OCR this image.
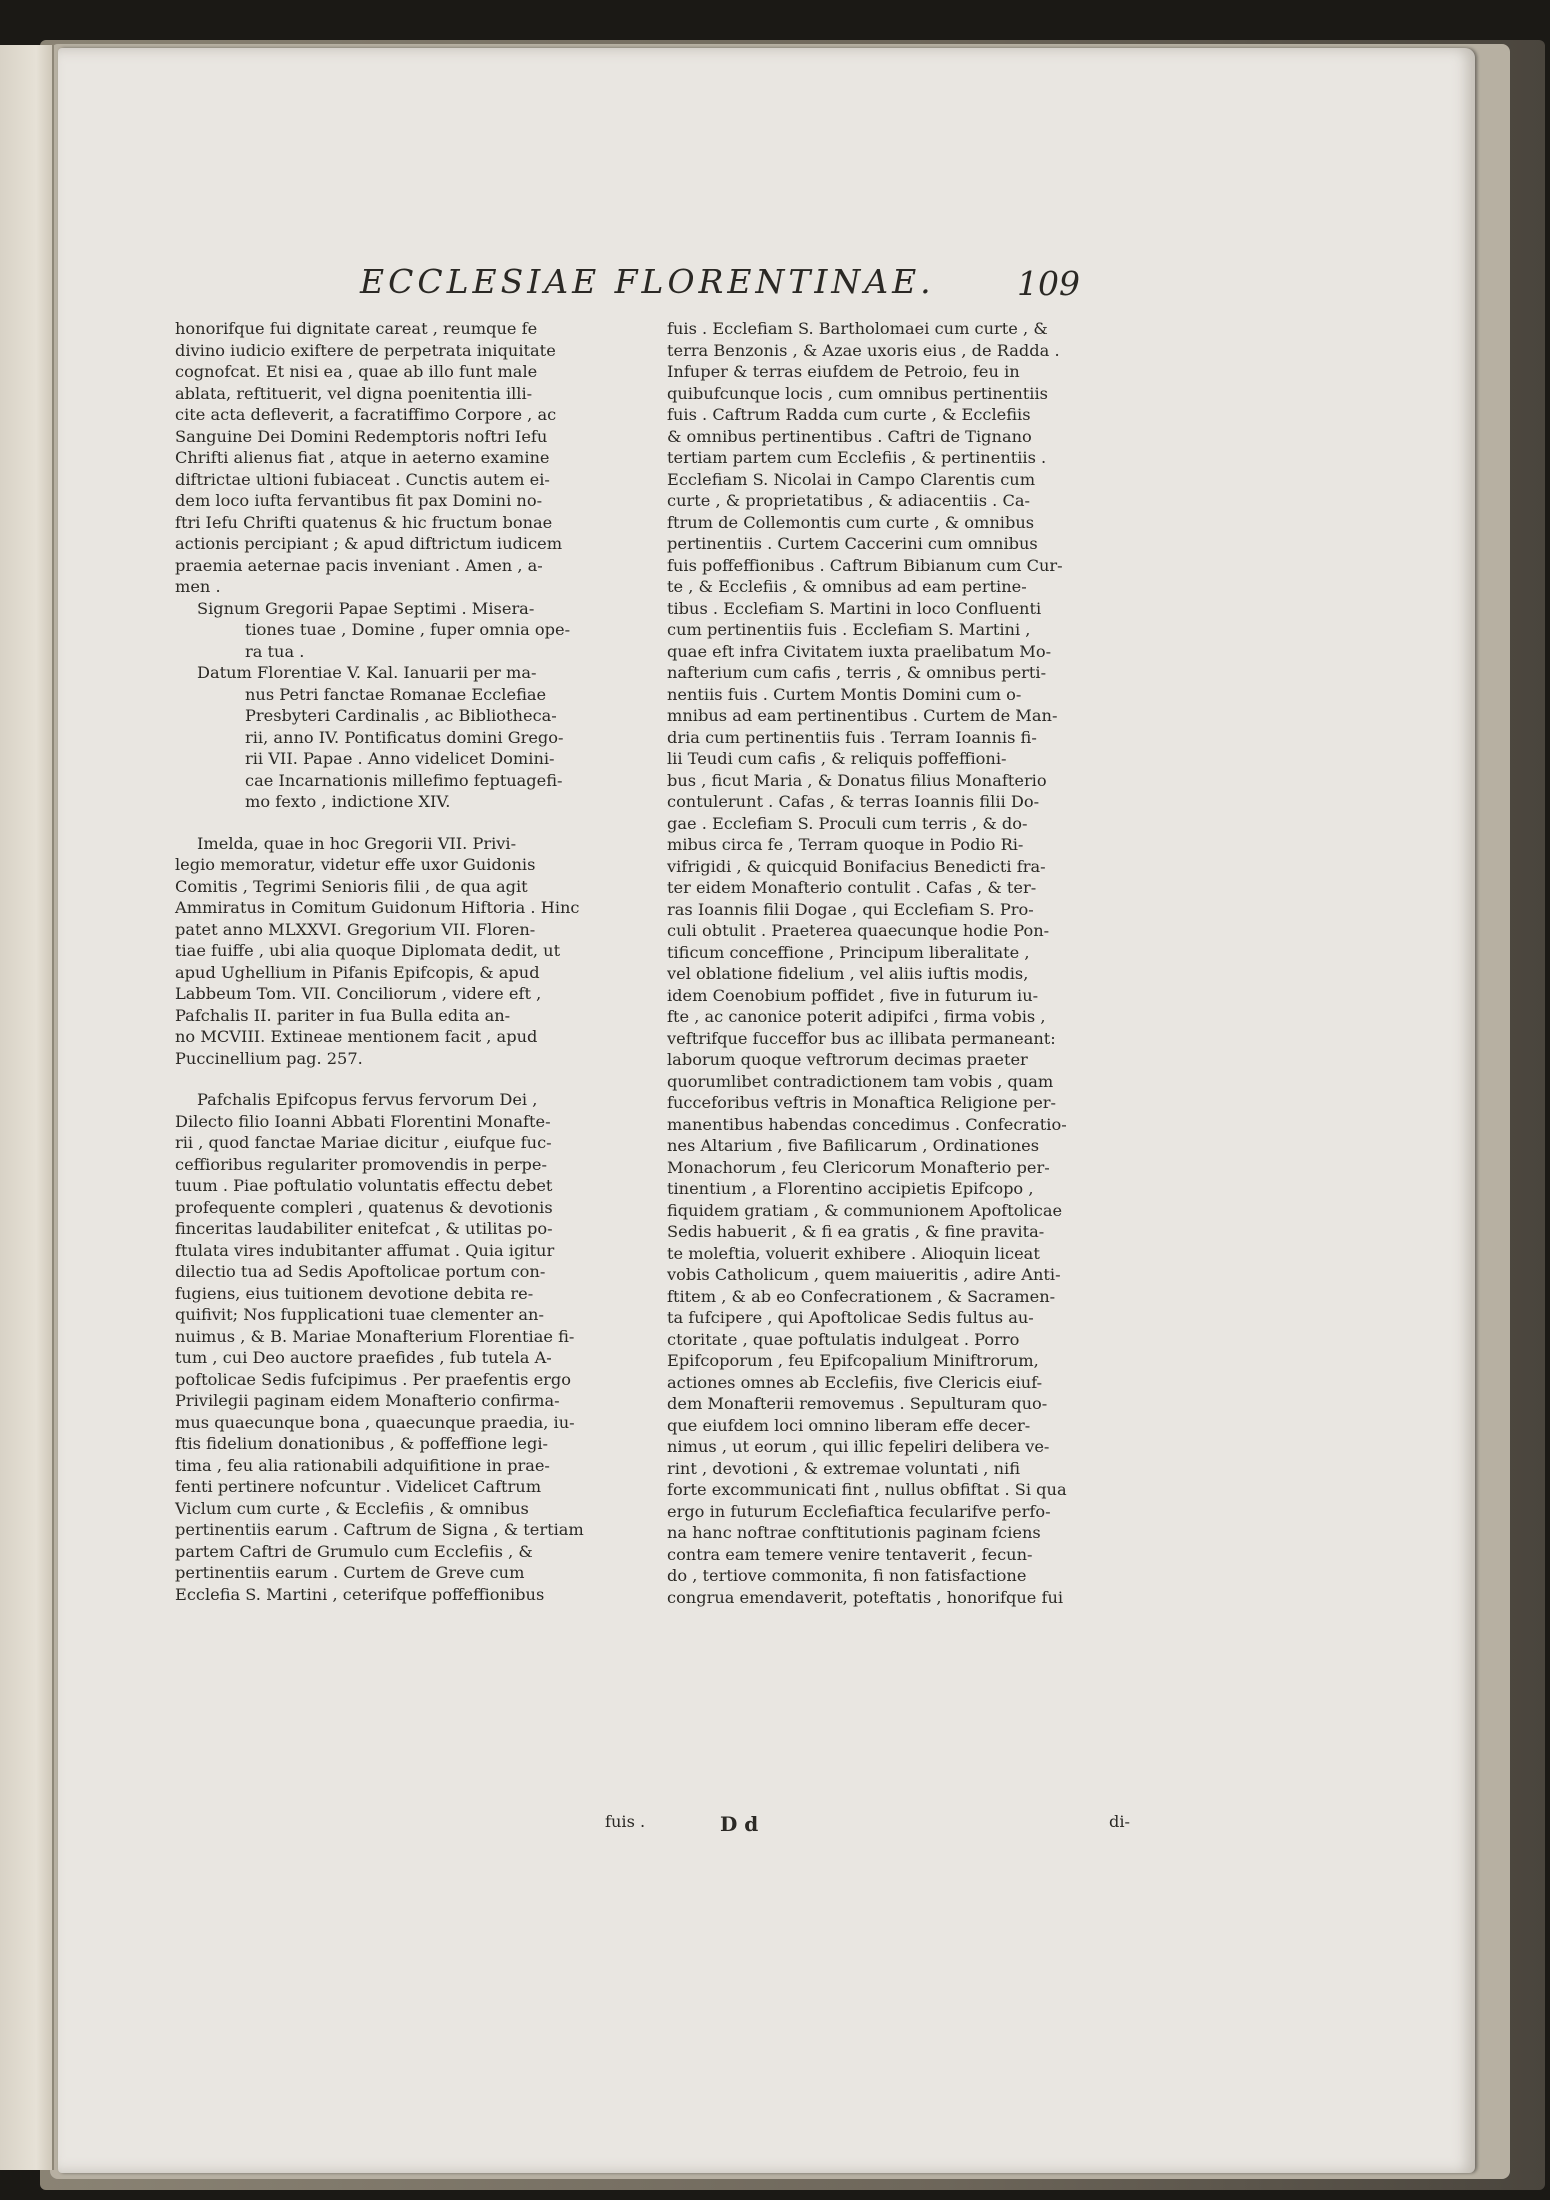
ECCLESIAE FLORENTINAE. 109

honorifque fui dignitate careat , reumque fe
divino iudicio exiftere de perpetrata iniquitate
cognofcat. Et nisi ea , quae ab illo funt male
ablata, reftituerit, vel digna poenitentia illi-
cite acta defleverit, a facratiffimo Corpore , ac
Sanguine Dei Domini Redemptoris noftri Iefu
Chrifti alienus fiat , atque in aeterno examine
diftrictae ultioni fubiaceat . Cunctis autem ei-
dem loco iufta fervantibus fit pax Domini no-
ftri Iefu Chrifti quatenus & hic fructum bonae
actionis percipiant ; & apud diftrictum iudicem
praemia aeternae pacis inveniant . Amen , a-
men .

Signum Gregorii Papae Septimi . Misera-
tiones tuae , Domine , fuper omnia ope-
ra tua .

Datum Florentiae V. Kal. Ianuarii per ma-
nus Petri fanctae Romanae Ecclefiae
Presbyteri Cardinalis , ac Bibliotheca-
rii, anno IV. Pontificatus domini Grego-
rii VII. Papae . Anno videlicet Domini-
cae Incarnationis millefimo feptuagefi-
mo fexto , indictione XIV.

Imelda, quae in hoc Gregorii VII. Privi-
legio memoratur, videtur effe uxor Guidonis
Comitis , Tegrimi Senioris filii , de qua agit
Ammiratus in Comitum Guidonum Hiftoria . Hinc
patet anno MLXXVI. Gregorium VII. Floren-
tiae fuiffe , ubi alia quoque Diplomata dedit, ut
apud Ughellium in Pifanis Epifcopis, & apud
Labbeum Tom. VII. Conciliorum , videre eft ,
Pafchalis II. pariter in fua Bulla edita an-
no MCVIII. Extineae mentionem facit , apud
Puccinellium pag. 257.

Pafchalis Epifcopus fervus fervorum Dei ,
Dilecto filio Ioanni Abbati Florentini Monafte-
rii , quod fanctae Mariae dicitur , eiufque fuc-
ceffioribus regulariter promovendis in perpe-
tuum . Piae poftulatio voluntatis effectu debet
profequente compleri , quatenus & devotionis
finceritas laudabiliter enitefcat , & utilitas po-
ftulata vires indubitanter affumat . Quia igitur
dilectio tua ad Sedis Apoftolicae portum con-
fugiens, eius tuitionem devotione debita re-
quifivit; Nos fupplicationi tuae clementer an-
nuimus , & B. Mariae Monafterium Florentiae fi-
tum , cui Deo auctore praefides , fub tutela A-
poftolicae Sedis fufcipimus . Per praefentis ergo
Privilegii paginam eidem Monafterio confirma-
mus quaecunque bona , quaecunque praedia, iu-
ftis fidelium donationibus , & poffeffione legi-
tima , feu alia rationabili adquifitione in prae-
fenti pertinere nofcuntur . Videlicet Caftrum
Viclum cum curte , & Ecclefiis , & omnibus
pertinentiis earum . Caftrum de Signa , & tertiam
partem Caftri de Grumulo cum Ecclefiis , &
pertinentiis earum . Curtem de Greve cum
Ecclefia S. Martini , ceterifque poffeffionibus

fuis . Ecclefiam S. Bartholomaei cum curte , &
terra Benzonis , & Azae uxoris eius , de Radda .
Infuper & terras eiufdem de Petroio, feu in
quibufcunque locis , cum omnibus pertinentiis
fuis . Caftrum Radda cum curte , & Ecclefiis
& omnibus pertinentibus . Caftri de Tignano
tertiam partem cum Ecclefiis , & pertinentiis .
Ecclefiam S. Nicolai in Campo Clarentis cum
curte , & proprietatibus , & adiacentiis . Ca-
ftrum de Collemontis cum curte , & omnibus
pertinentiis . Curtem Caccerini cum omnibus
fuis poffeffionibus . Caftrum Bibianum cum Cur-
te , & Ecclefiis , & omnibus ad eam pertine-
tibus . Ecclefiam S. Martini in loco Confluenti
cum pertinentiis fuis . Ecclefiam S. Martini ,
quae eft infra Civitatem iuxta praelibatum Mo-
nafterium cum cafis , terris , & omnibus perti-
nentiis fuis . Curtem Montis Domini cum o-
mnibus ad eam pertinentibus . Curtem de Man-
dria cum pertinentiis fuis . Terram Ioannis fi-
lii Teudi cum cafis , & reliquis poffeffioni-
bus , ficut Maria , & Donatus filius Monafterio
contulerunt . Cafas , & terras Ioannis filii Do-
gae . Ecclefiam S. Proculi cum terris , & do-
mibus circa fe , Terram quoque in Podio Ri-
vifrigidi , & quicquid Bonifacius Benedicti fra-
ter eidem Monafterio contulit . Cafas , & ter-
ras Ioannis filii Dogae , qui Ecclefiam S. Pro-
culi obtulit . Praeterea quaecunque hodie Pon-
tificum conceffione , Principum liberalitate ,
vel oblatione fidelium , vel aliis iuftis modis,
idem Coenobium poffidet , five in futurum iu-
fte , ac canonice poterit adipifci , firma vobis ,
veftrifque fucceffor bus ac illibata permaneant:
laborum quoque veftrorum decimas praeter
quorumlibet contradictionem tam vobis , quam
fucceforibus veftris in Monaftica Religione per-
manentibus habendas concedimus . Confecratio-
nes Altarium , five Bafilicarum , Ordinationes
Monachorum , feu Clericorum Monafterio per-
tinentium , a Florentino accipietis Epifcopo ,
fiquidem gratiam , & communionem Apoftolicae
Sedis habuerit , & fi ea gratis , & fine pravita-
te moleftia, voluerit exhibere . Alioquin liceat
vobis Catholicum , quem maiueritis , adire Anti-
ftitem , & ab eo Confecrationem , & Sacramen-
ta fufcipere , qui Apoftolicae Sedis fultus au-
ctoritate , quae poftulatis indulgeat . Porro
Epifcoporum , feu Epifcopalium Miniftrorum,
actiones omnes ab Ecclefiis, five Clericis eiuf-
dem Monafterii removemus . Sepulturam quo-
que eiufdem loci omnino liberam effe decer-
nimus , ut eorum , qui illic fepeliri delibera ve-
rint , devotioni , & extremae voluntati , nifi
forte excommunicati fint , nullus obfiftat . Si qua
ergo in futurum Ecclefiaftica fecularifve perfo-
na hanc noftrae conftitutionis paginam fciens
contra eam temere venire tentaverit , fecun-
do , tertiove commonita, fi non fatisfactione
congrua emendaverit, poteftatis , honorifque fui

fuis .	D d	di-
